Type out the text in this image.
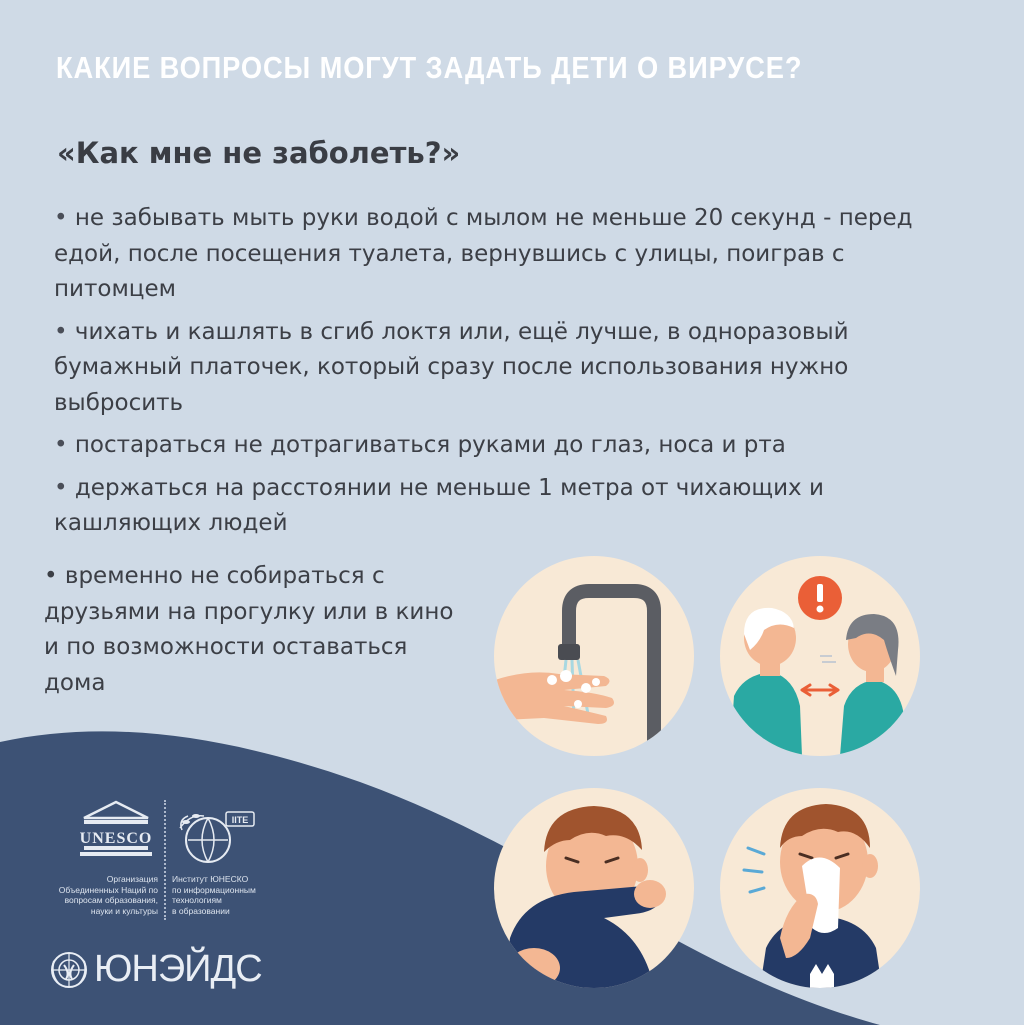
КАКИЕ ВОПРОСЫ МОГУТ ЗАДАТЬ ДЕТИ О ВИРУСЕ?
«Как мне не заболеть?»
• не забывать мыть руки водой с мылом не меньше 20 секунд - перед едой, после посещения туалета, вернувшись с улицы, поиграв с питомцем
• чихать и кашлять в сгиб локтя или, ещё лучше, в одноразовый бумажный платочек, который сразу после использования нужно выбросить
• постараться не дотрагиваться руками до глаз, носа и рта
• держаться на расстоянии не меньше 1 метра от чихающих и кашляющих людей

• временно не собираться с друзьями на прогулку или в кино и по возможности оставаться дома

UNESCO
Организация
Объединенных Наций по
вопросам образования,
науки и культуры
IITE
Институт ЮНЕСКО
по информационным
технологиям
в образовании
ЮНЭЙДС
